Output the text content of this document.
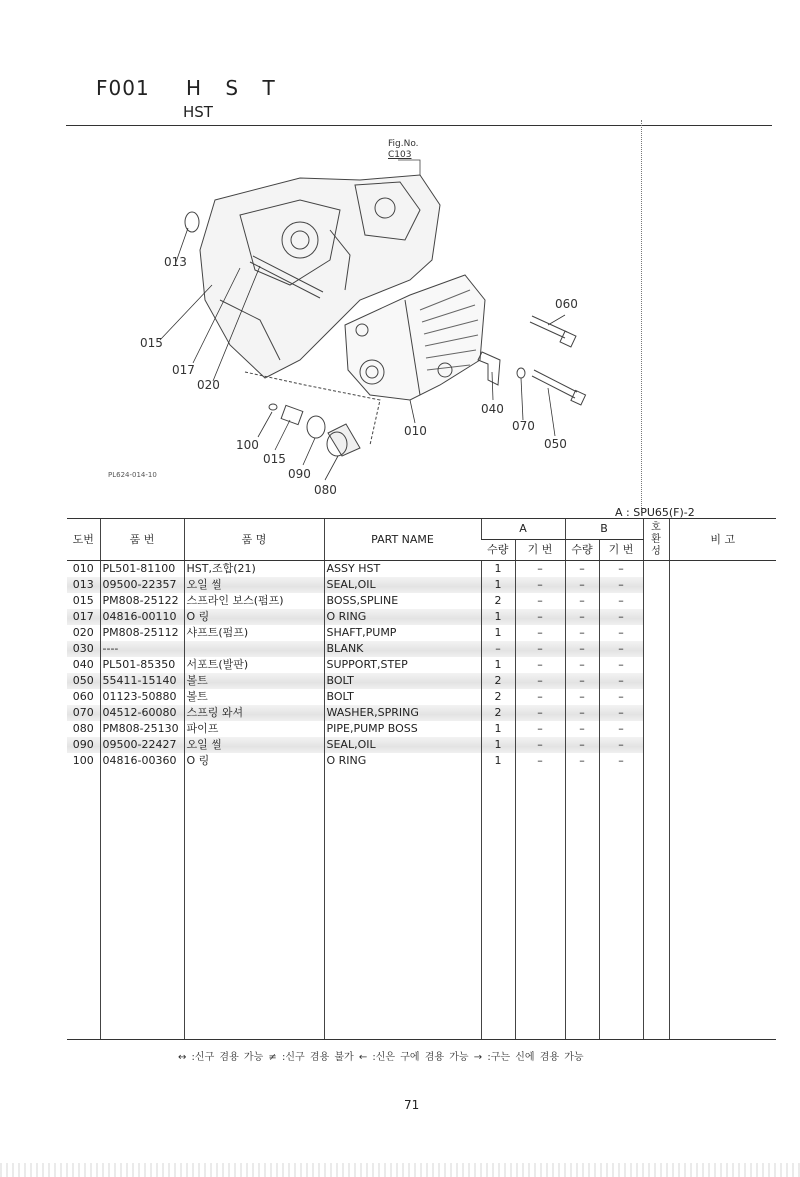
F001 H S T
HST
Fig.No.
C103
013
015
017
020
060
040
070
050
010
100
015
090
080
PL624-014-10
A : SPU65(F)-2
도번	품 번	품 명	PART NAME	A		B		호
환
성	비 고
				수량	기 번	수량	기 번		
010	PL501-81100	HST,조합(21)	ASSY HST	1	–	–	–		
013	09500-22357	오일 씰	SEAL,OIL	1	–	–	–		
015	PM808-25122	스프라인 보스(펌프)	BOSS,SPLINE	2	–	–	–		
017	04816-00110	O 링	O RING	1	–	–	–		
020	PM808-25112	샤프트(펌프)	SHAFT,PUMP	1	–	–	–		
030	----		BLANK	–	–	–	–		
040	PL501-85350	서포트(발판)	SUPPORT,STEP	1	–	–	–		
050	55411-15140	볼트	BOLT	2	–	–	–		
060	01123-50880	볼트	BOLT	2	–	–	–		
070	04512-60080	스프링 와셔	WASHER,SPRING	2	–	–	–		
080	PM808-25130	파이프	PIPE,PUMP BOSS	1	–	–	–		
090	09500-22427	오일 씰	SEAL,OIL	1	–	–	–		
100	04816-00360	O 링	O RING	1	–	–	–		

↔ :신구 겸용 가능 ≠ :신구 겸용 불가 ← :신은 구에 겸용 가능 → :구는 신에 겸용 가능
71
